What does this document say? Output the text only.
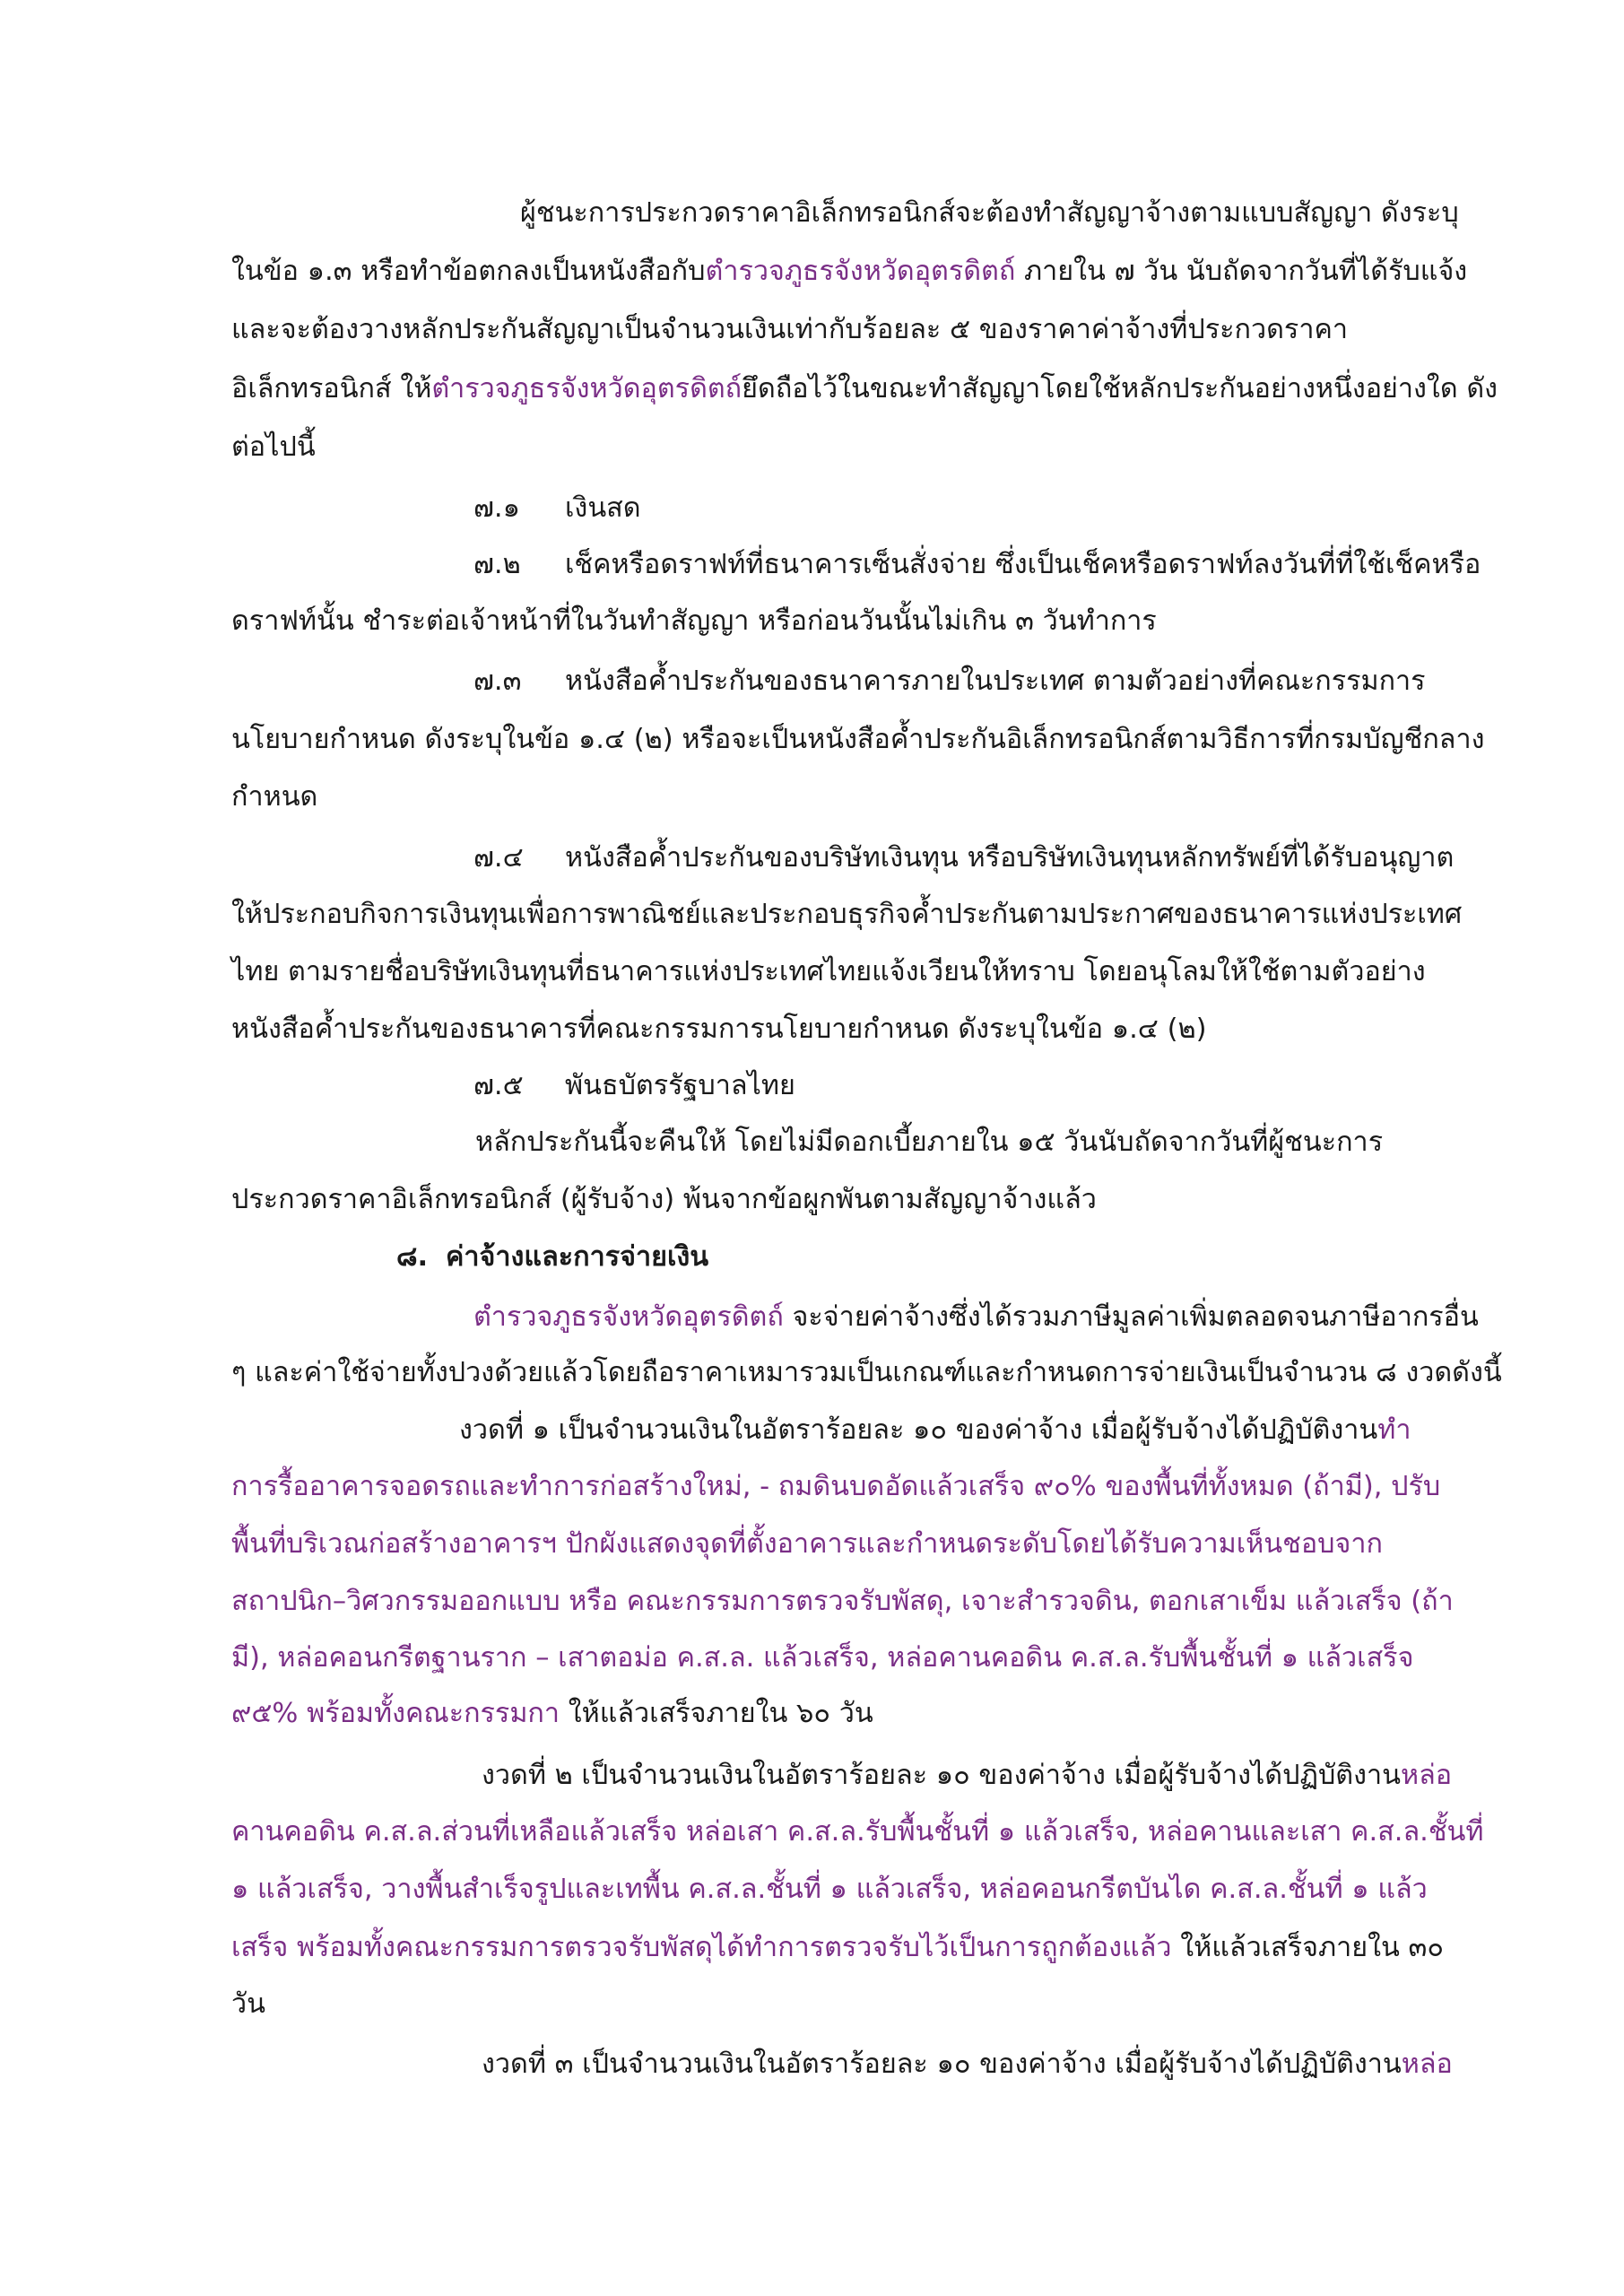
ผู้ชนะการประกวดราคาอิเล็กทรอนิกส์จะต้องทำสัญญาจ้างตามแบบสัญญา ดังระบุ
ในข้อ ๑.๓ หรือทำข้อตกลงเป็นหนังสือกับตำรวจภูธรจังหวัดอุตรดิตถ์ ภายใน ๗ วัน นับถัดจากวันที่ได้รับแจ้ง
และจะต้องวางหลักประกันสัญญาเป็นจำนวนเงินเท่ากับร้อยละ ๕ ของราคาค่าจ้างที่ประกวดราคา
อิเล็กทรอนิกส์ ให้ตำรวจภูธรจังหวัดอุตรดิตถ์ยึดถือไว้ในขณะทำสัญญาโดยใช้หลักประกันอย่างหนึ่งอย่างใด ดัง
ต่อไปนี้
๗.๑ เงินสด
๗.๒ เช็คหรือดราฟท์ที่ธนาคารเซ็นสั่งจ่าย ซึ่งเป็นเช็คหรือดราฟท์ลงวันที่ที่ใช้เช็คหรือ
ดราฟท์นั้น ชำระต่อเจ้าหน้าที่ในวันทำสัญญา หรือก่อนวันนั้นไม่เกิน ๓ วันทำการ
๗.๓ หนังสือค้ำประกันของธนาคารภายในประเทศ ตามตัวอย่างที่คณะกรรมการ
นโยบายกำหนด ดังระบุในข้อ ๑.๔ (๒) หรือจะเป็นหนังสือค้ำประกันอิเล็กทรอนิกส์ตามวิธีการที่กรมบัญชีกลาง
กำหนด
๗.๔ หนังสือค้ำประกันของบริษัทเงินทุน หรือบริษัทเงินทุนหลักทรัพย์ที่ได้รับอนุญาต
ให้ประกอบกิจการเงินทุนเพื่อการพาณิชย์และประกอบธุรกิจค้ำประกันตามประกาศของธนาคารแห่งประเทศ
ไทย ตามรายชื่อบริษัทเงินทุนที่ธนาคารแห่งประเทศไทยแจ้งเวียนให้ทราบ โดยอนุโลมให้ใช้ตามตัวอย่าง
หนังสือค้ำประกันของธนาคารที่คณะกรรมการนโยบายกำหนด ดังระบุในข้อ ๑.๔ (๒)
๗.๕ พันธบัตรรัฐบาลไทย
หลักประกันนี้จะคืนให้ โดยไม่มีดอกเบี้ยภายใน ๑๕ วันนับถัดจากวันที่ผู้ชนะการ
ประกวดราคาอิเล็กทรอนิกส์ (ผู้รับจ้าง) พ้นจากข้อผูกพันตามสัญญาจ้างแล้ว
๘. ค่าจ้างและการจ่ายเงิน
ตำรวจภูธรจังหวัดอุตรดิตถ์ จะจ่ายค่าจ้างซึ่งได้รวมภาษีมูลค่าเพิ่มตลอดจนภาษีอากรอื่น
ๆ และค่าใช้จ่ายทั้งปวงด้วยแล้วโดยถือราคาเหมารวมเป็นเกณฑ์และกำหนดการจ่ายเงินเป็นจำนวน ๘ งวดดังนี้
งวดที่ ๑ เป็นจำนวนเงินในอัตราร้อยละ ๑๐ ของค่าจ้าง เมื่อผู้รับจ้างได้ปฏิบัติงานทำ
การรื้ออาคารจอดรถและทำการก่อสร้างใหม่, - ถมดินบดอัดแล้วเสร็จ ๙๐% ของพื้นที่ทั้งหมด (ถ้ามี), ปรับ
พื้นที่บริเวณก่อสร้างอาคารฯ ปักผังแสดงจุดที่ตั้งอาคารและกำหนดระดับโดยได้รับความเห็นชอบจาก
สถาปนิก–วิศวกรรมออกแบบ หรือ คณะกรรมการตรวจรับพัสดุ, เจาะสำรวจดิน, ตอกเสาเข็ม แล้วเสร็จ (ถ้า
มี), หล่อคอนกรีตฐานราก – เสาตอม่อ ค.ส.ล. แล้วเสร็จ, หล่อคานคอดิน ค.ส.ล.รับพื้นชั้นที่ ๑ แล้วเสร็จ
๙๕% พร้อมทั้งคณะกรรมกา ให้แล้วเสร็จภายใน ๖๐ วัน
งวดที่ ๒ เป็นจำนวนเงินในอัตราร้อยละ ๑๐ ของค่าจ้าง เมื่อผู้รับจ้างได้ปฏิบัติงานหล่อ
คานคอดิน ค.ส.ล.ส่วนที่เหลือแล้วเสร็จ หล่อเสา ค.ส.ล.รับพื้นชั้นที่ ๑ แล้วเสร็จ, หล่อคานและเสา ค.ส.ล.ชั้นที่
๑ แล้วเสร็จ, วางพื้นสำเร็จรูปและเทพื้น ค.ส.ล.ชั้นที่ ๑ แล้วเสร็จ, หล่อคอนกรีตบันได ค.ส.ล.ชั้นที่ ๑ แล้ว
เสร็จ พร้อมทั้งคณะกรรมการตรวจรับพัสดุได้ทำการตรวจรับไว้เป็นการถูกต้องแล้ว ให้แล้วเสร็จภายใน ๓๐
วัน
งวดที่ ๓ เป็นจำนวนเงินในอัตราร้อยละ ๑๐ ของค่าจ้าง เมื่อผู้รับจ้างได้ปฏิบัติงานหล่อ
